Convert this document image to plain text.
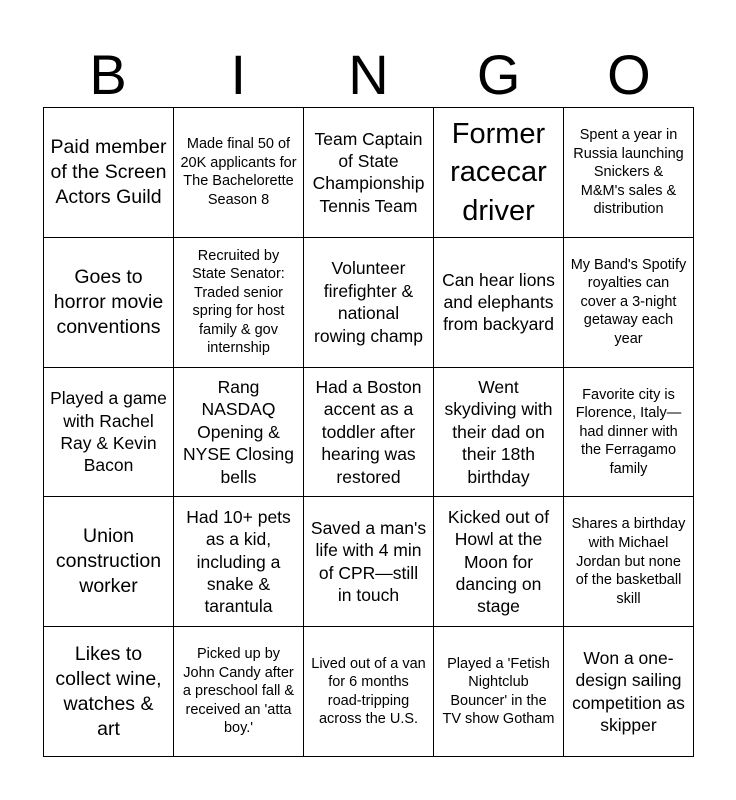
B	I	N	G	O
Paid member of the Screen Actors Guild
Made final 50 of 20K applicants for The Bachelorette Season 8
Team Captain of State Championship Tennis Team
Former racecar driver
Spent a year in Russia launching Snickers & M&M's sales & distribution
Goes to horror movie conventions
Recruited by State Senator: Traded senior spring for host family & gov internship
Volunteer firefighter & national rowing champ
Can hear lions and elephants from backyard
My Band's Spotify royalties can cover a 3-night getaway each year
Played a game with Rachel Ray & Kevin Bacon
Rang NASDAQ Opening & NYSE Closing bells
Had a Boston accent as a toddler after hearing was restored
Went skydiving with their dad on their 18th birthday
Favorite city is Florence, Italy—had dinner with the Ferragamo family
Union construction worker
Had 10+ pets as a kid, including a snake & tarantula
Saved a man's life with 4 min of CPR—still in touch
Kicked out of Howl at the Moon for dancing on stage
Shares a birthday with Michael Jordan but none of the basketball skill
Likes to collect wine, watches & art
Picked up by John Candy after a preschool fall & received an 'atta boy.'
Lived out of a van for 6 months road-tripping across the U.S.
Played a 'Fetish Nightclub Bouncer' in the TV show Gotham
Won a one-design sailing competition as skipper
